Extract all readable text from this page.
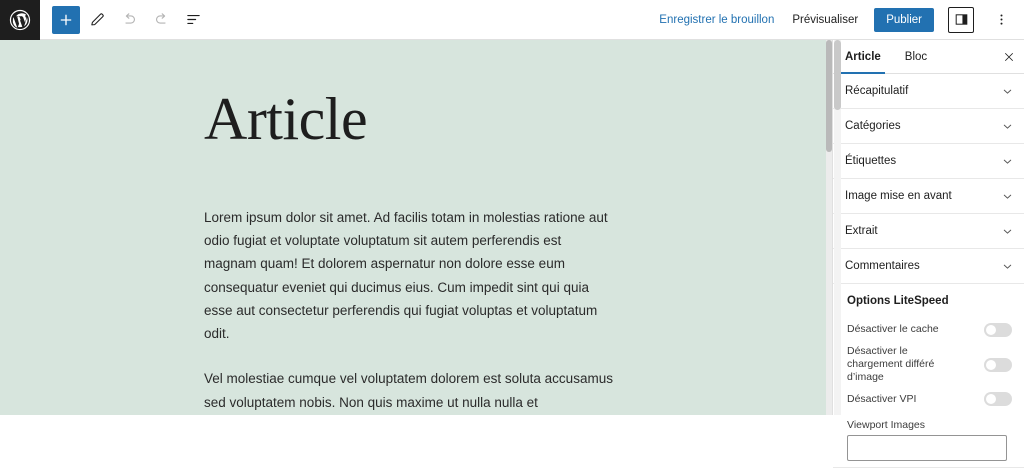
Enregistrer le brouillon Prévisualiser	Publier
Article

Lorem ipsum dolor sit amet. Ad facilis totam in molestias ratione aut odio fugiat et voluptate voluptatum sit autem perferendis est magnam quam! Et dolorem aspernatur non dolore esse eum consequatur eveniet qui ducimus eius. Cum impedit sint qui quia esse aut consectetur perferendis qui fugiat voluptas et voluptatum odit.

Vel molestiae cumque vel voluptatem dolorem est soluta accusamus sed voluptatem nobis. Non quis maxime ut nulla nulla et

Article	Bloc
Récapitulatif
Catégories
Étiquettes
Image mise en avant
Extrait
Commentaires
Options LiteSpeed
Désactiver le cache
Désactiver le chargement différé d’image
Désactiver VPI
Viewport Images
